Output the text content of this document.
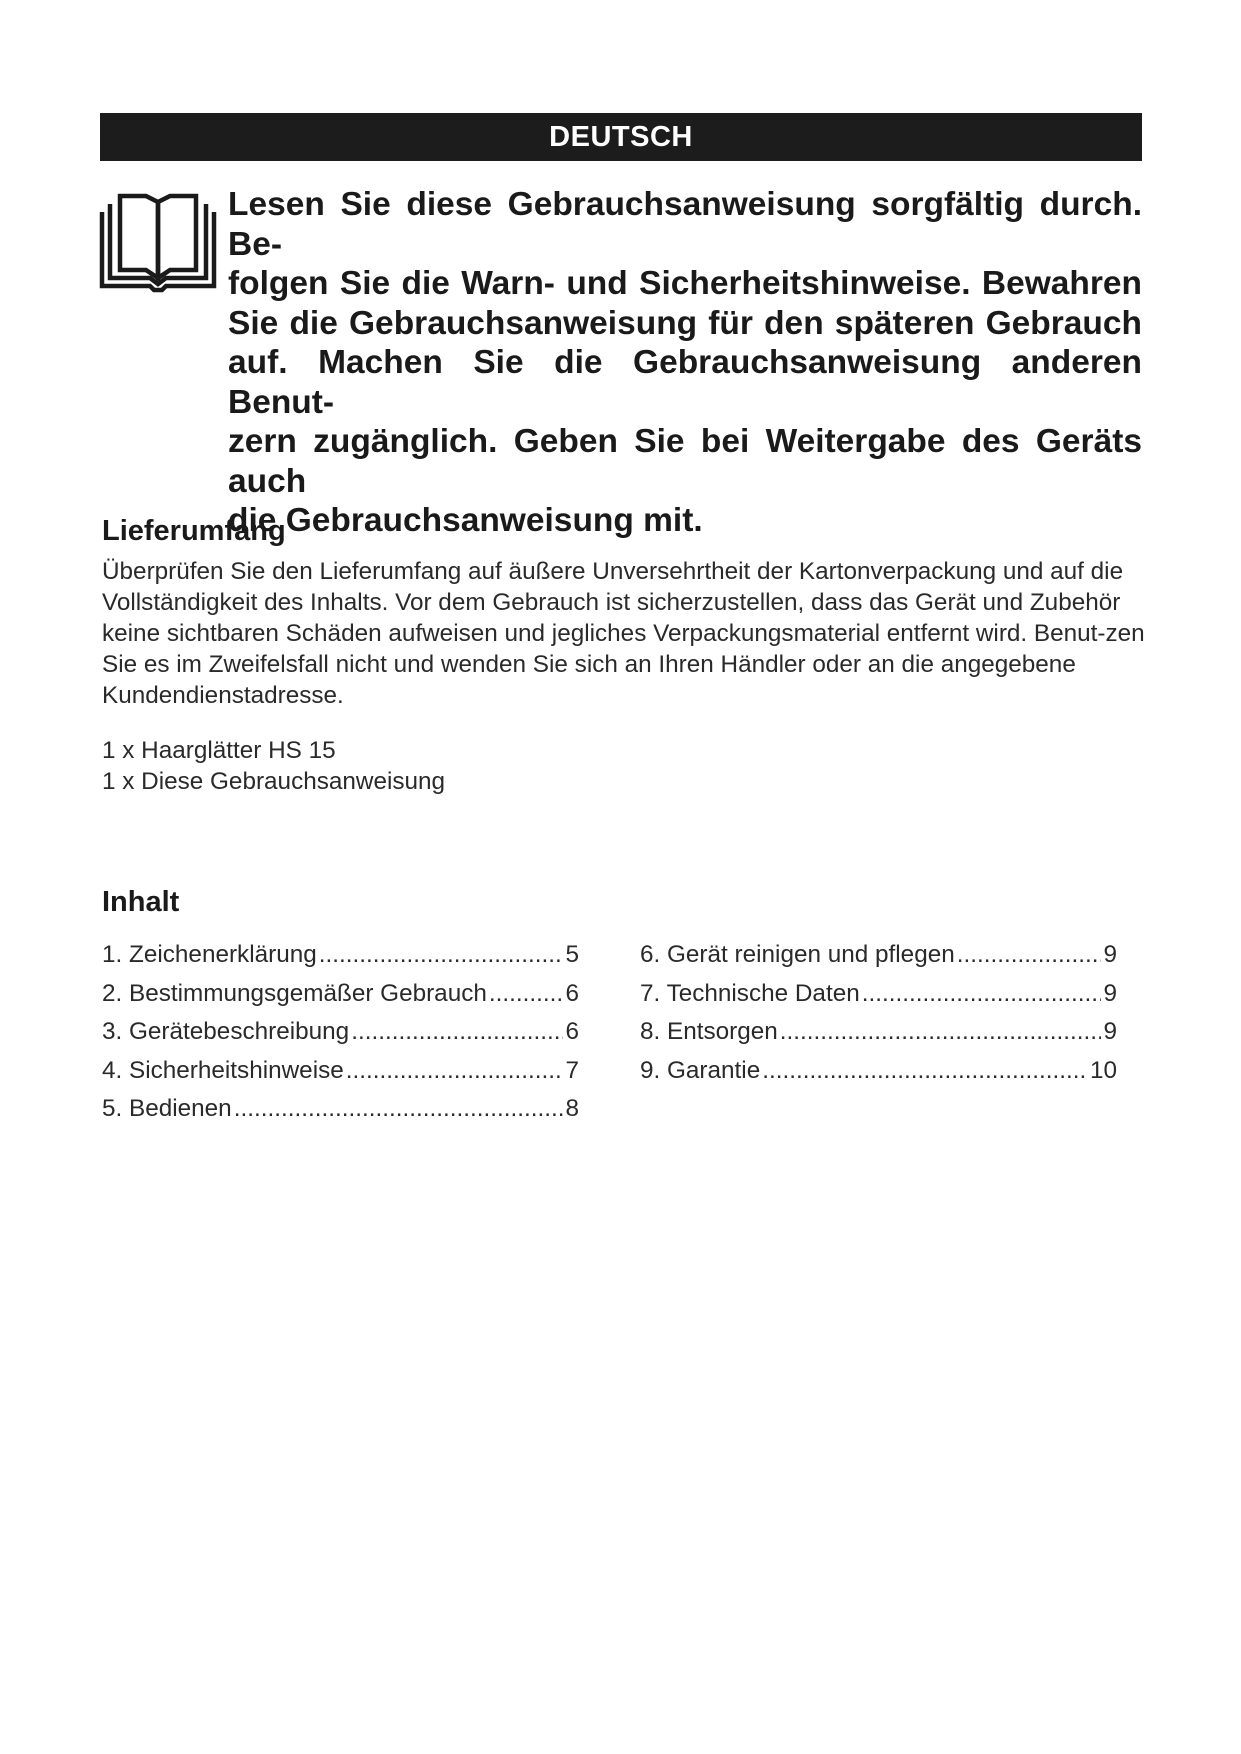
DEUTSCH
Lesen Sie diese Gebrauchsanweisung sorgfältig durch. Be-
folgen Sie die Warn- und Sicherheitshinweise. Bewahren
Sie die Gebrauchsanweisung für den späteren Gebrauch
auf. Machen Sie die Gebrauchsanweisung anderen Benut-
zern zugänglich. Geben Sie bei Weitergabe des Geräts auch
die Gebrauchsanweisung mit.
Lieferumfang
Überprüfen Sie den Lieferumfang auf äußere Unversehrtheit der Kartonverpackung und auf die Vollständigkeit des Inhalts. Vor dem Gebrauch ist sicherzustellen, dass das Gerät und Zubehör keine sichtbaren Schäden aufweisen und jegliches Verpackungsmaterial entfernt wird. Benut-zen Sie es im Zweifelsfall nicht und wenden Sie sich an Ihren Händler oder an die angegebene Kundendienstadresse.
1 x Haarglätter HS 15
1 x Diese Gebrauchsanweisung
Inhalt
1. Zeichenerklärung .....	5
2. Bestimmungsgemäßer Gebrauch .....	6
3. Gerätebeschreibung .....	6
4. Sicherheitshinweise .....	7
5. Bedienen .....	8
6. Gerät reinigen und pflegen .....	9
7. Technische Daten .....	9
8. Entsorgen .....	9
9. Garantie .....	10
